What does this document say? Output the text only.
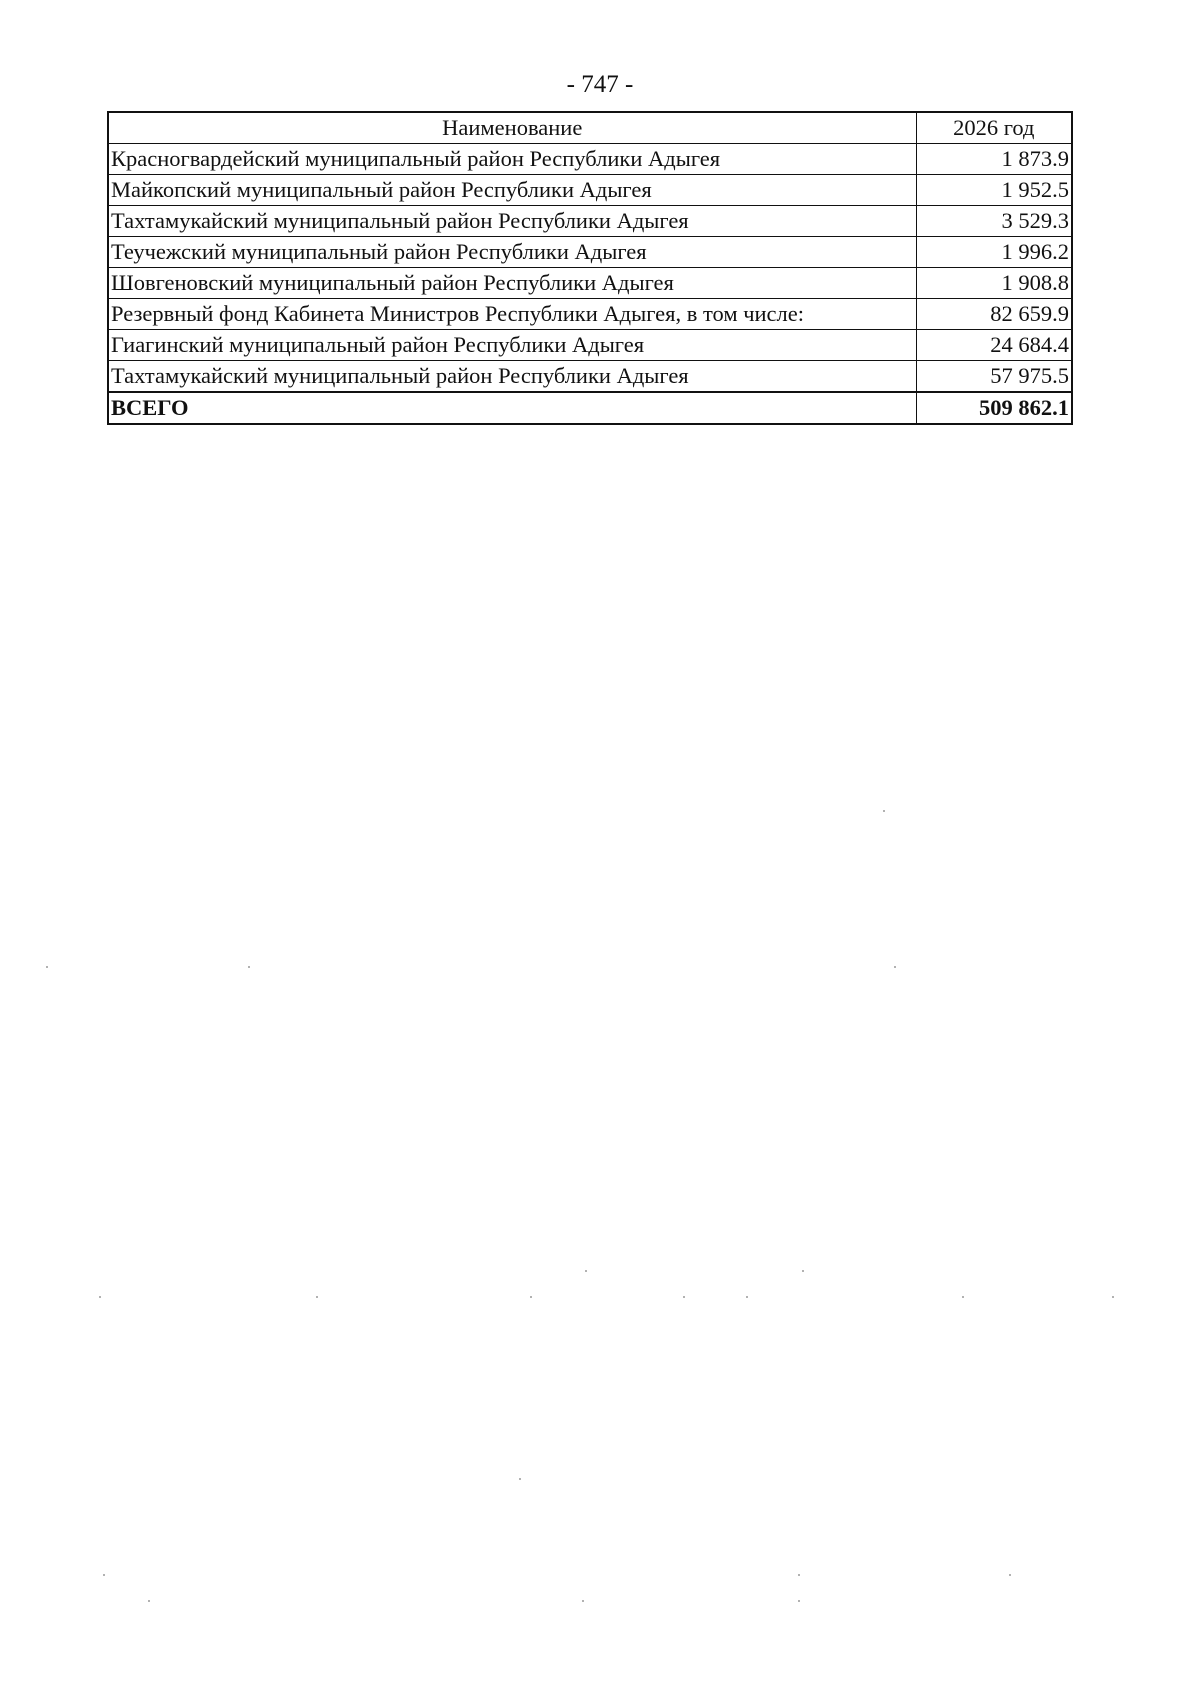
- 747 -
Наименование	2026 год
Красногвардейский муниципальный район Республики Адыгея	1 873.9
Майкопский муниципальный район Республики Адыгея	1 952.5
Тахтамукайский муниципальный район Республики Адыгея	3 529.3
Теучежский муниципальный район Республики Адыгея	1 996.2
Шовгеновский муниципальный район Республики Адыгея	1 908.8
Резервный фонд Кабинета Министров Республики Адыгея, в том числе:	82 659.9
Гиагинский муниципальный район Республики Адыгея	24 684.4
Тахтамукайский муниципальный район Республики Адыгея	57 975.5
ВСЕГО	509 862.1
